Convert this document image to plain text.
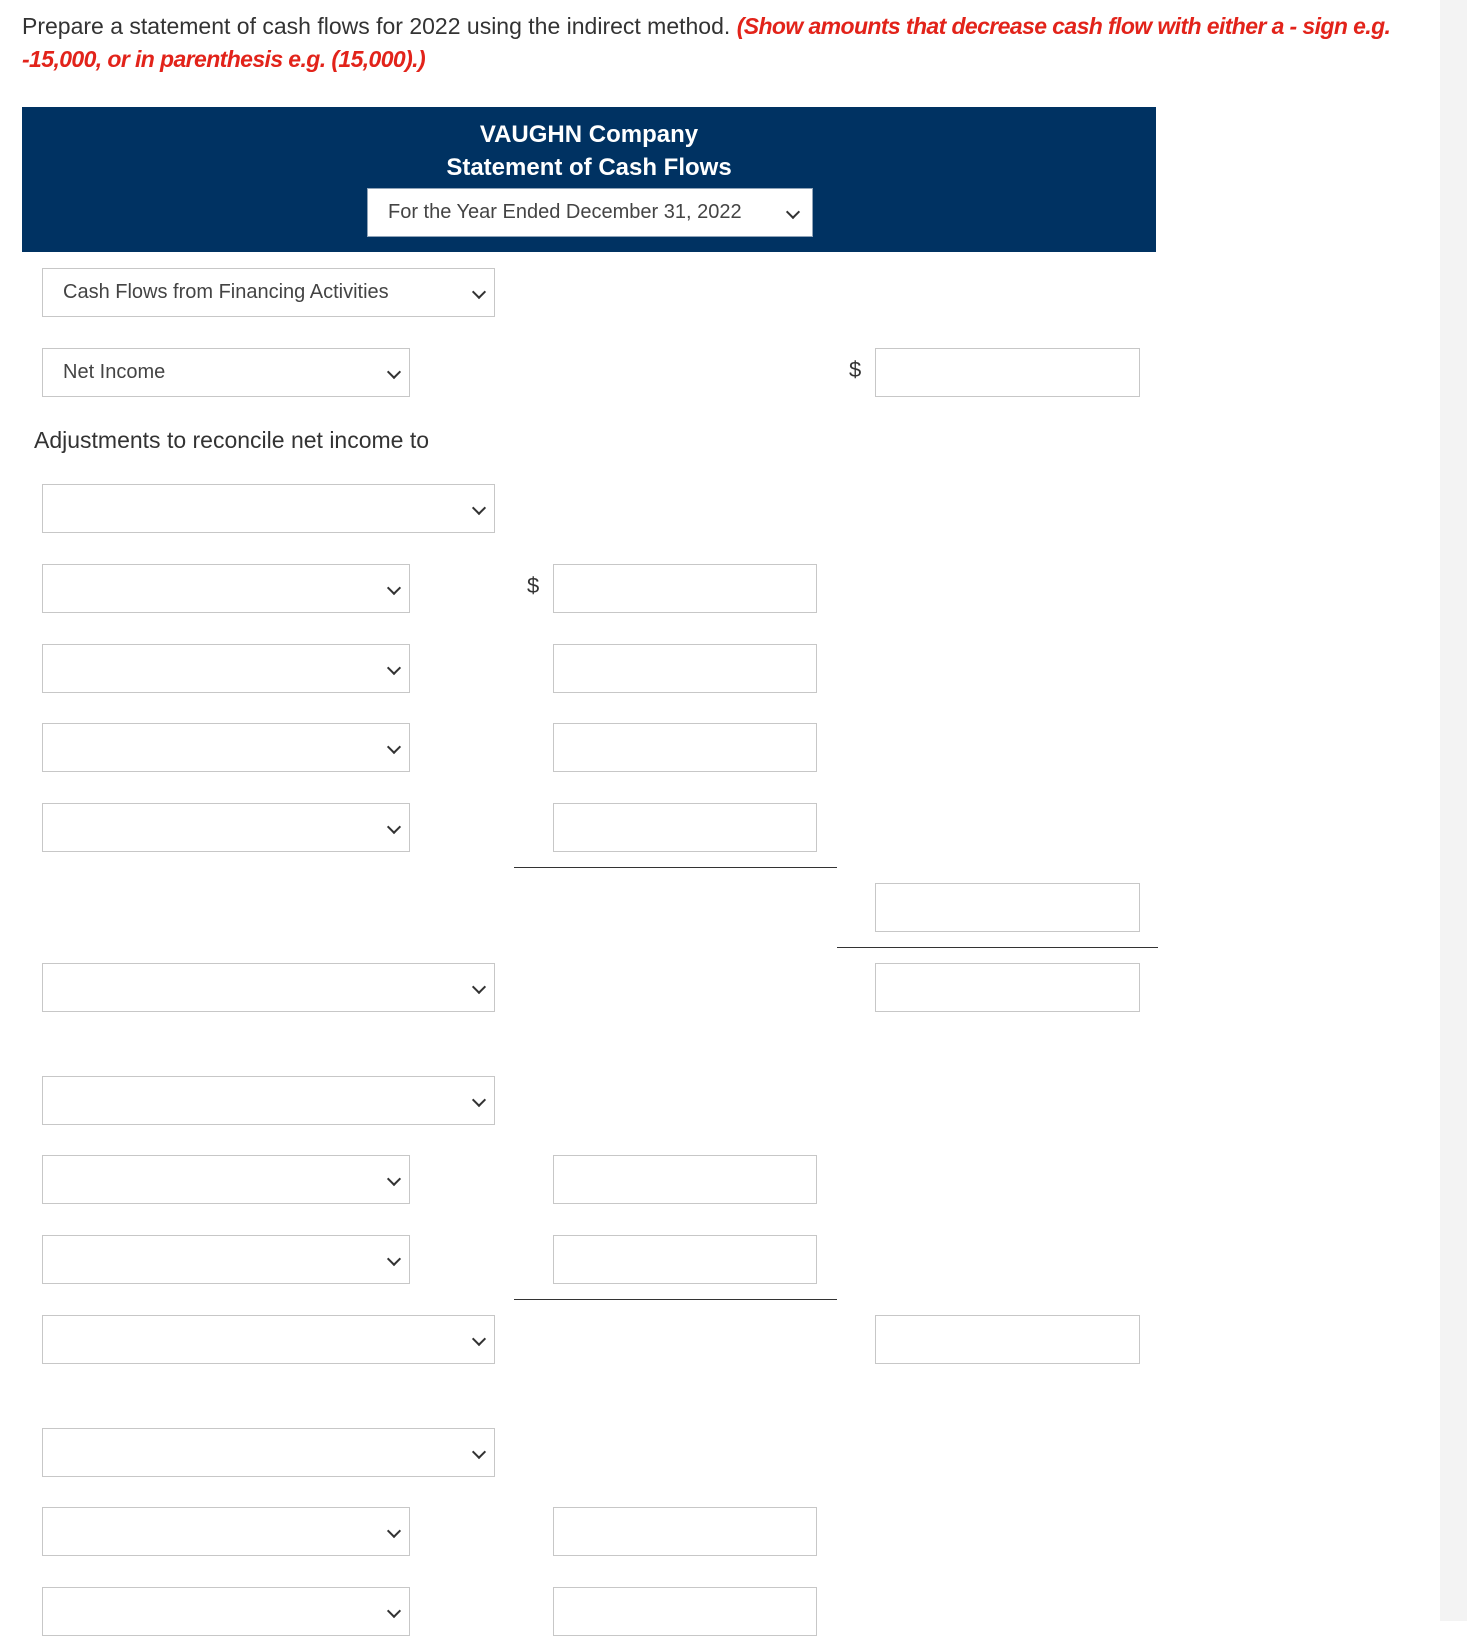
Prepare a statement of cash flows for 2022 using the indirect method. (Show amounts that decrease cash flow with either a - sign e.g. -15,000, or in parenthesis e.g. (15,000).)
VAUGHN Company
Statement of Cash Flows
For the Year Ended December 31, 2022
Cash Flows from Financing Activities
Net Income	$
Adjustments to reconcile net income to
$
